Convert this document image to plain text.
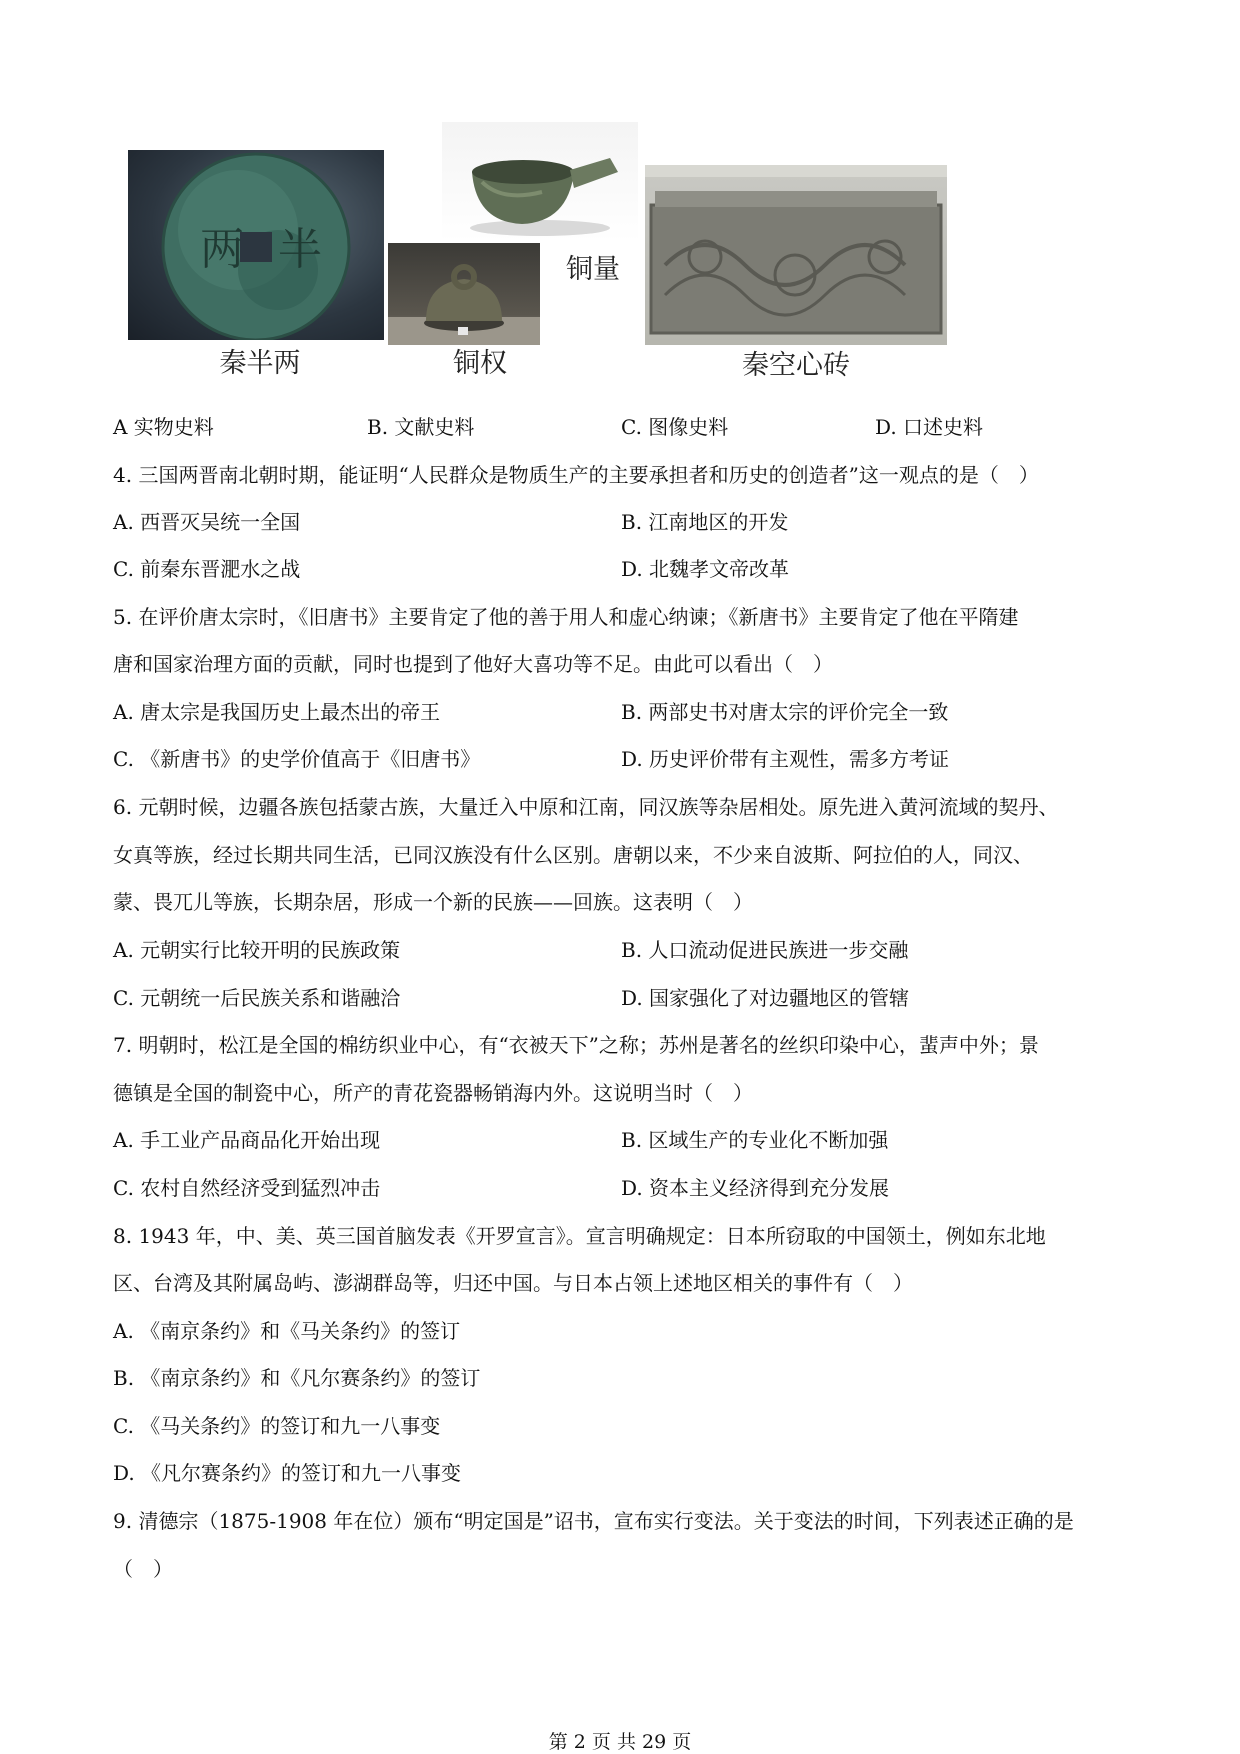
两 半	铜量
秦半两	铜权	秦空心砖
A 实物史料	B. 文献史料	C. 图像史料	D. 口述史料
4. 三国两晋南北朝时期，能证明“人民群众是物质生产的主要承担者和历史的创造者”这一观点的是（　）
A. 西晋灭吴统一全国	B. 江南地区的开发
C. 前秦东晋淝水之战	D. 北魏孝文帝改革
5. 在评价唐太宗时，《旧唐书》主要肯定了他的善于用人和虚心纳谏；《新唐书》主要肯定了他在平隋建
唐和国家治理方面的贡献，同时也提到了他好大喜功等不足。由此可以看出（　）
A. 唐太宗是我国历史上最杰出的帝王	B. 两部史书对唐太宗的评价完全一致
C. 《新唐书》的史学价值高于《旧唐书》	D. 历史评价带有主观性，需多方考证
6. 元朝时候，边疆各族包括蒙古族，大量迁入中原和江南，同汉族等杂居相处。原先进入黄河流域的契丹、
女真等族，经过长期共同生活，已同汉族没有什么区别。唐朝以来，不少来自波斯、阿拉伯的人，同汉、
蒙、畏兀儿等族，长期杂居，形成一个新的民族——回族。这表明（　）
A. 元朝实行比较开明的民族政策	B. 人口流动促进民族进一步交融
C. 元朝统一后民族关系和谐融洽	D. 国家强化了对边疆地区的管辖
7. 明朝时，松江是全国的棉纺织业中心，有“衣被天下”之称；苏州是著名的丝织印染中心，蜚声中外；景
德镇是全国的制瓷中心，所产的青花瓷器畅销海内外。这说明当时（　）
A. 手工业产品商品化开始出现	B. 区域生产的专业化不断加强
C. 农村自然经济受到猛烈冲击	D. 资本主义经济得到充分发展
8. 1943 年，中、美、英三国首脑发表《开罗宣言》。宣言明确规定：日本所窃取的中国领土，例如东北地
区、台湾及其附属岛屿、澎湖群岛等，归还中国。与日本占领上述地区相关的事件有（　）
A. 《南京条约》和《马关条约》的签订
B. 《南京条约》和《凡尔赛条约》的签订
C. 《马关条约》的签订和九一八事变
D. 《凡尔赛条约》的签订和九一八事变
9. 清德宗（1875-1908 年在位）颁布“明定国是”诏书，宣布实行变法。关于变法的时间，下列表述正确的是
（　）
第 2 页 共 29 页
